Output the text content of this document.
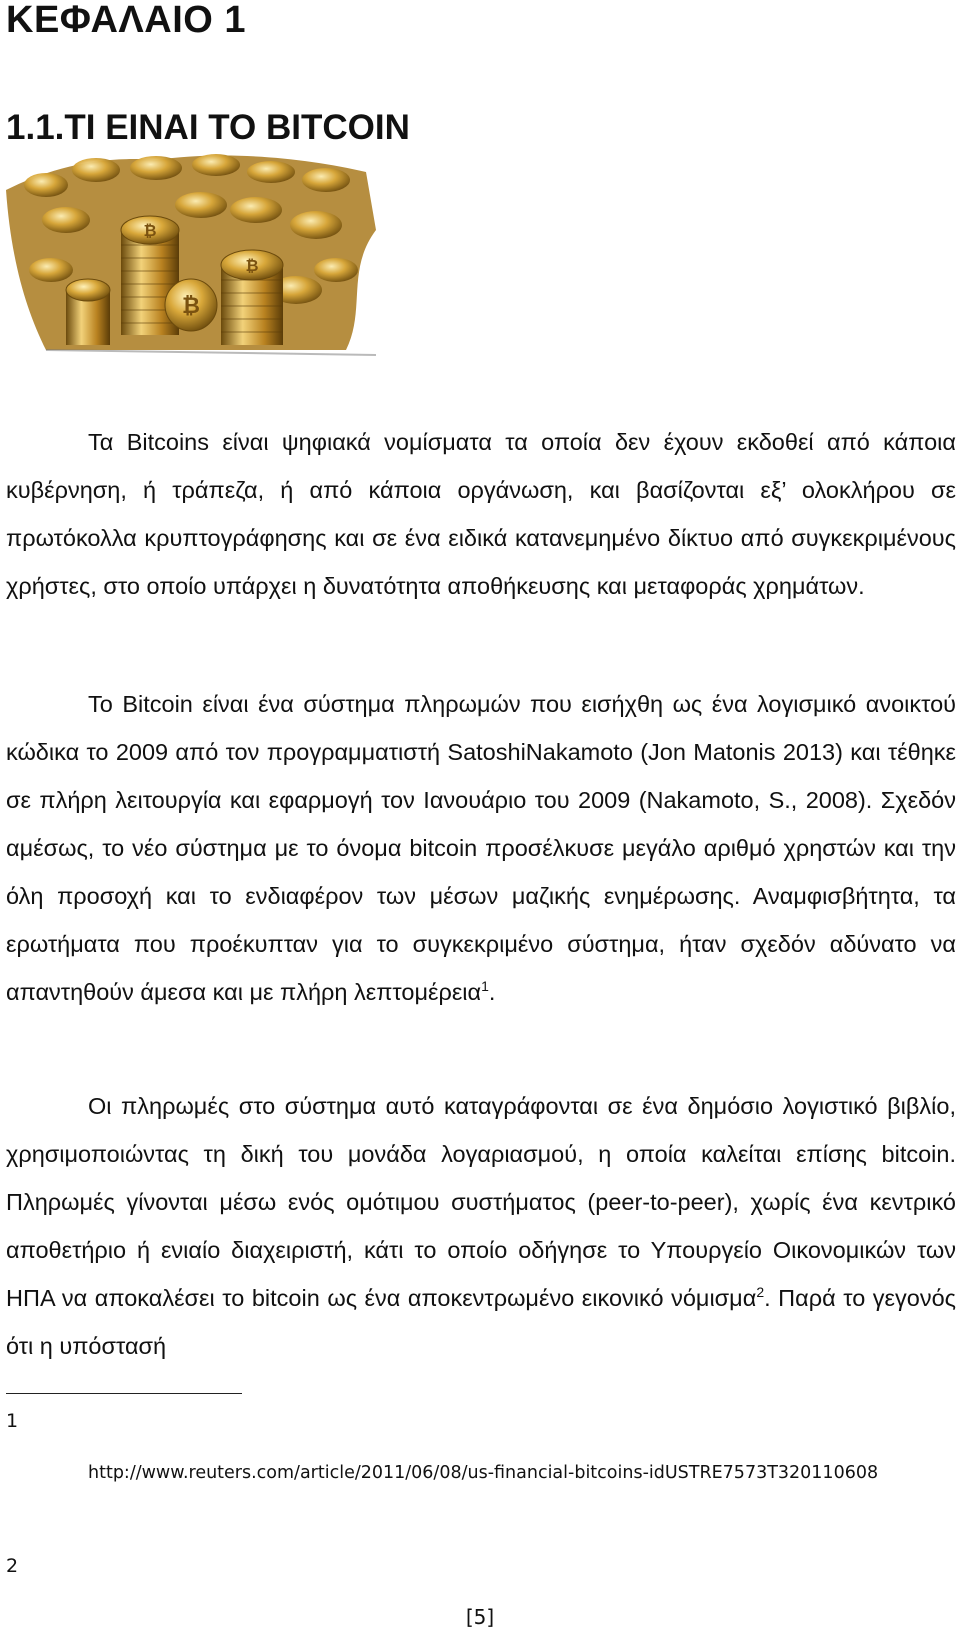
ΚΕΦΑΛΑΙΟ 1
1.1.ΤΙ ΕΙΝΑΙ ΤΟ BITCOIN
₿
₿
₿

Τα Bitcoins είναι ψηφιακά νομίσματα τα οποία δεν έχουν εκδοθεί από κάποια κυβέρνηση, ή τράπεζα, ή από κάποια οργάνωση, και βασίζονται εξ’ ολοκλήρου σε πρωτόκολλα κρυπτογράφησης και σε ένα ειδικά κατανεμημένο δίκτυο από συγκεκριμένους χρήστες, στο οποίο υπάρχει η δυνατότητα αποθήκευσης και μεταφοράς χρημάτων.

Το Bitcoin είναι ένα σύστημα πληρωμών που εισήχθη ως ένα λογισμικό ανοικτού κώδικα το 2009 από τον προγραμματιστή SatoshiNakamoto (Jon Matonis 2013) και τέθηκε σε πλήρη λειτουργία και εφαρμογή τον Ιανουάριο του 2009 (Nakamoto, S., 2008). Σχεδόν αμέσως, το νέο σύστημα με το όνομα bitcoin προσέλκυσε μεγάλο αριθμό χρηστών και την όλη προσοχή και το ενδιαφέρον των μέσων μαζικής ενημέρωσης. Αναμφισβήτητα, τα ερωτήματα που προέκυπταν για το συγκεκριμένο σύστημα, ήταν σχεδόν αδύνατο να απαντηθούν άμεσα και με πλήρη λεπτομέρεια$^1$.

Οι πληρωμές στο σύστημα αυτό καταγράφονται σε ένα δημόσιο λογιστικό βιβλίο, χρησιμοποιώντας τη δική του μονάδα λογαριασμού, η οποία καλείται επίσης bitcoin. Πληρωμές γίνονται μέσω ενός ομότιμου συστήματος (peer-to-peer), χωρίς ένα κεντρικό αποθετήριο ή ενιαίο διαχειριστή, κάτι το οποίο οδήγησε το Υπουργείο Οικονομικών των ΗΠΑ να αποκαλέσει το bitcoin ως ένα αποκεντρωμένο εικονικό νόμισμα$^2$. Παρά το γεγονός ότι η υπόστασή

1
http://www.reuters.com/article/2011/06/08/us-financial-bitcoins-idUSTRE7573T320110608
2
[5]
